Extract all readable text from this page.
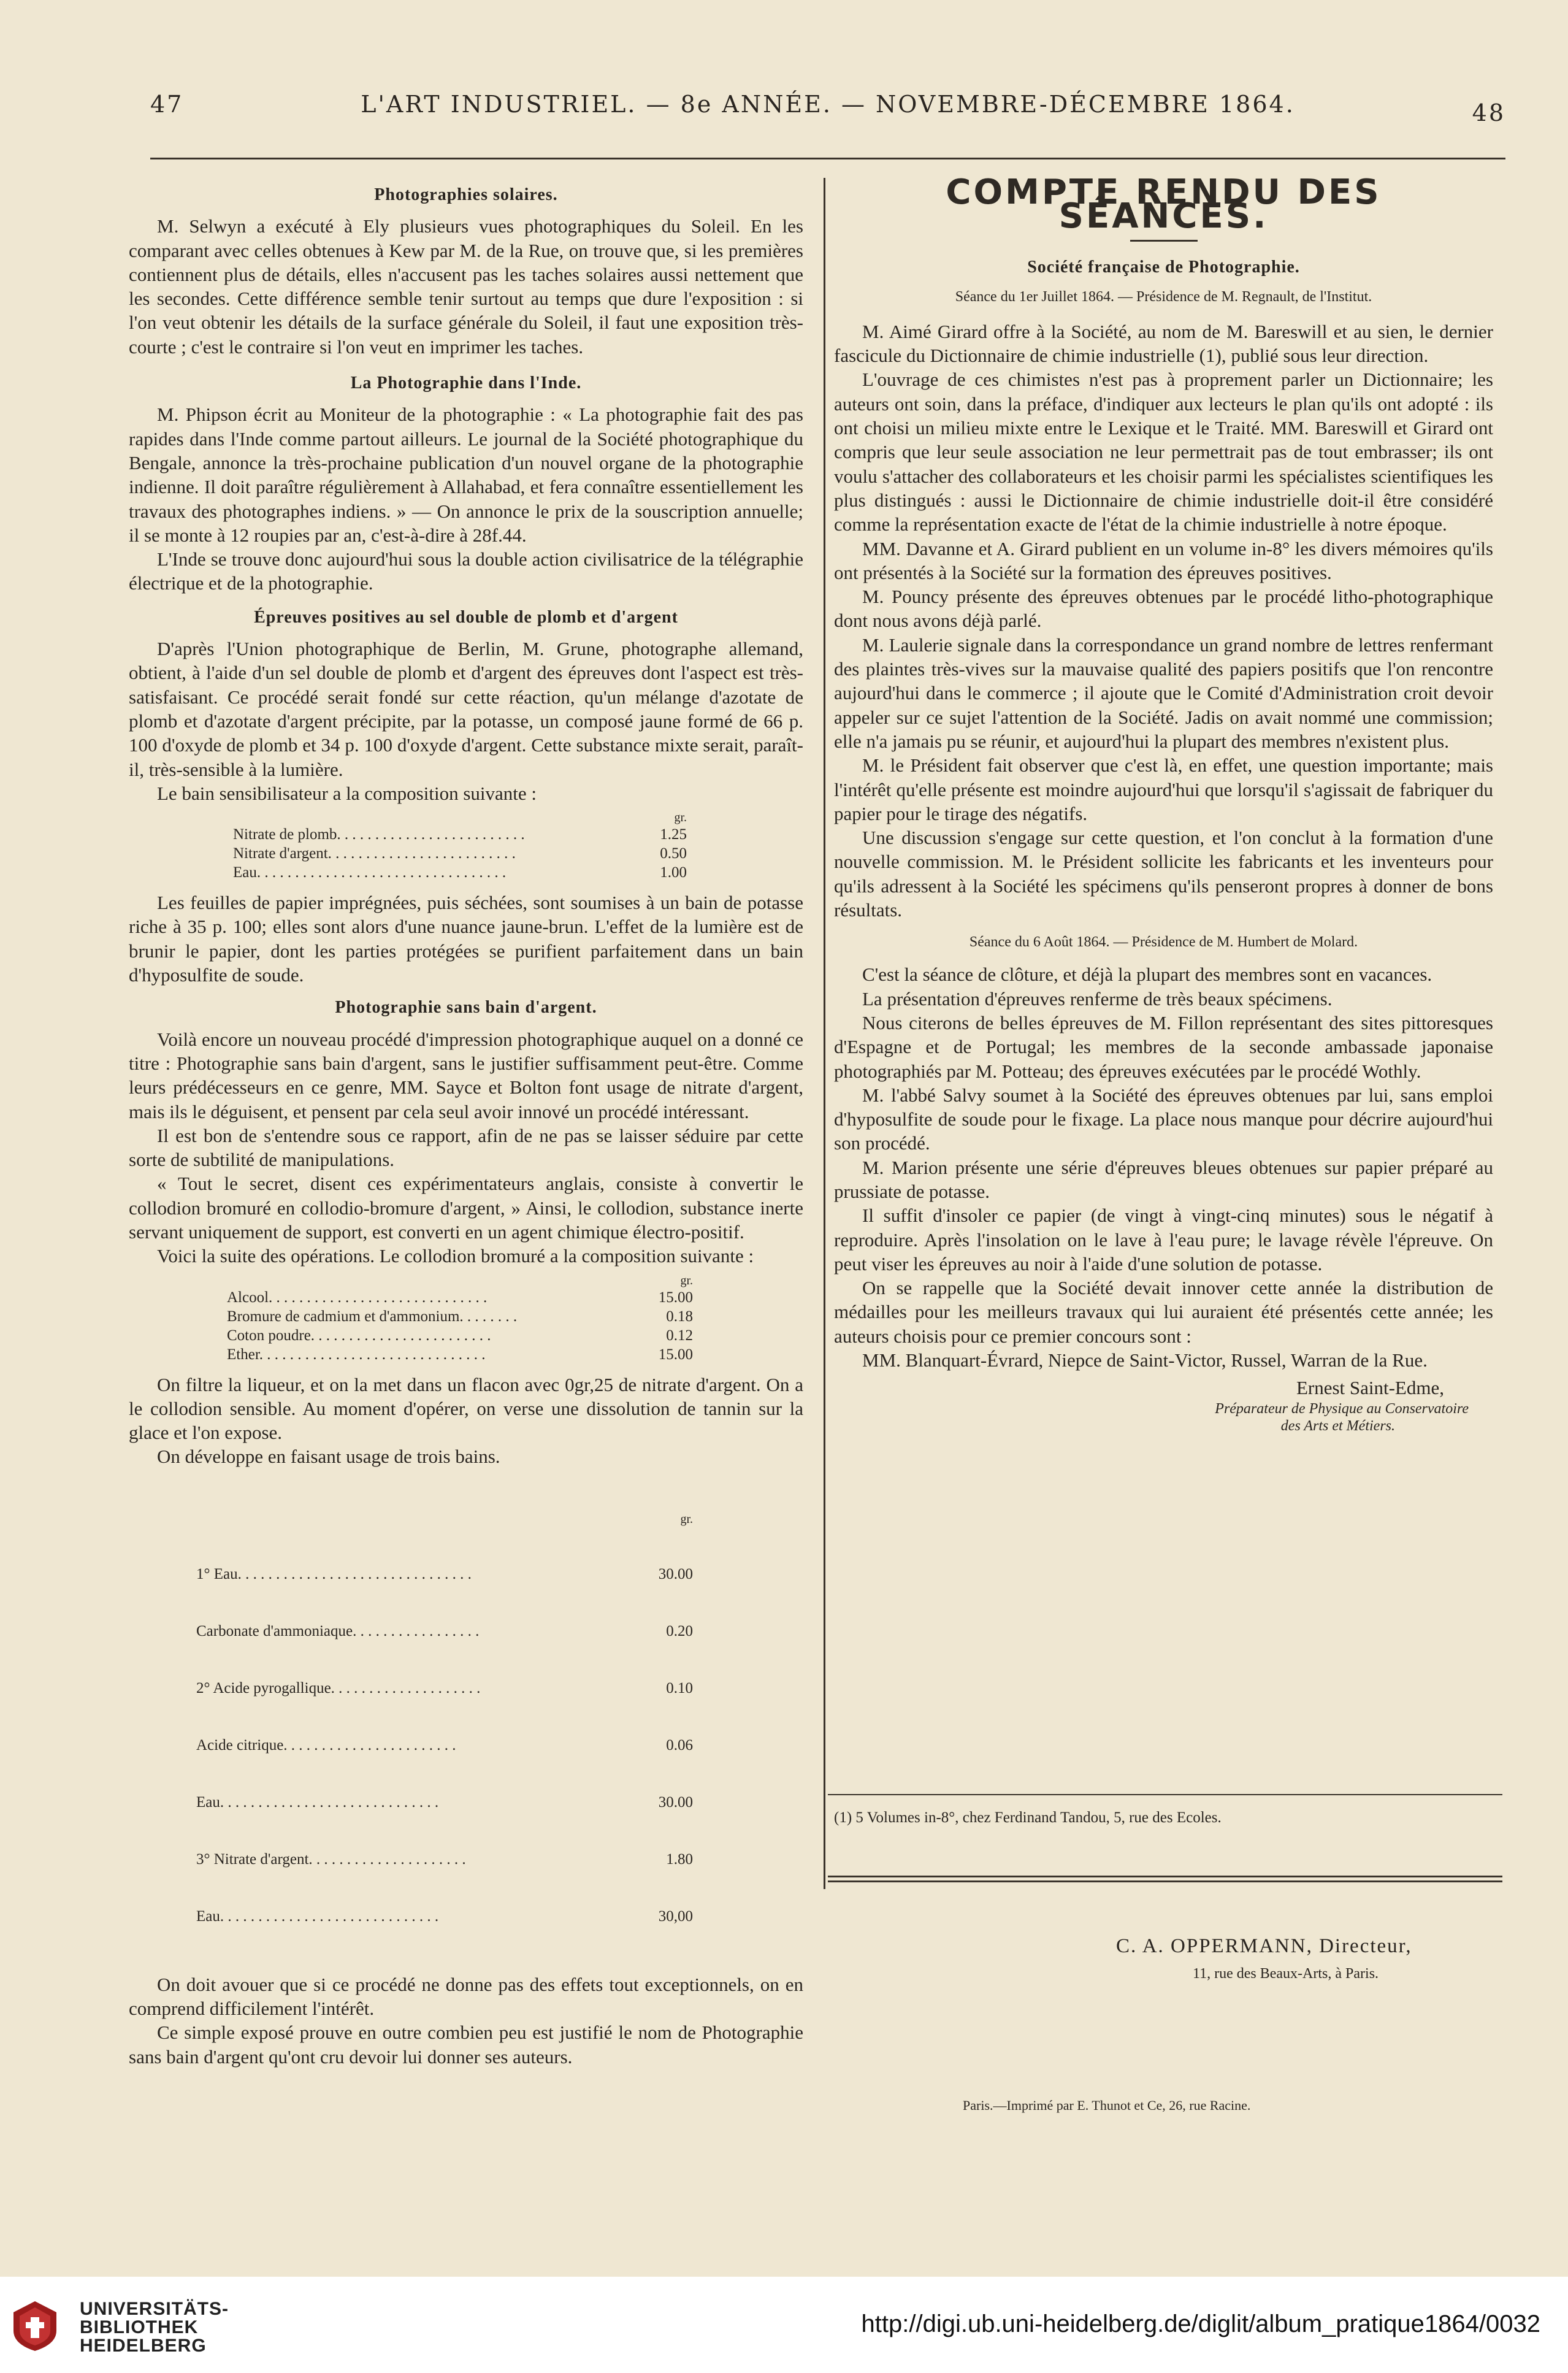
47	L'ART INDUSTRIEL. — 8e ANNÉE. — NOVEMBRE-DÉCEMBRE 1864.	48
Photographies solaires.

M. Selwyn a exécuté à Ely plusieurs vues photographiques du Soleil. En les comparant avec celles obtenues à Kew par M. de la Rue, on trouve que, si les premières contiennent plus de détails, elles n'accusent pas les taches solaires aussi nettement que les secondes. Cette différence semble tenir surtout au temps que dure l'exposition : si l'on veut obtenir les détails de la surface générale du Soleil, il faut une exposition très-courte ; c'est le contraire si l'on veut en imprimer les taches.

La Photographie dans l'Inde.

M. Phipson écrit au Moniteur de la photographie : « La photographie fait des pas rapides dans l'Inde comme partout ailleurs. Le journal de la Société photographique du Bengale, annonce la très-prochaine publication d'un nouvel organe de la photographie indienne. Il doit paraître régulièrement à Allahabad, et fera connaître essentiellement les travaux des photographes indiens. » — On annonce le prix de la souscription annuelle; il se monte à 12 roupies par an, c'est-à-dire à 28f.44.

L'Inde se trouve donc aujourd'hui sous la double action civilisatrice de la télégraphie électrique et de la photographie.

Épreuves positives au sel double de plomb et d'argent

D'après l'Union photographique de Berlin, M. Grune, photographe allemand, obtient, à l'aide d'un sel double de plomb et d'argent des épreuves dont l'aspect est très-satisfaisant. Ce procédé serait fondé sur cette réaction, qu'un mélange d'azotate de plomb et d'azotate d'argent précipite, par la potasse, un composé jaune formé de 66 p. 100 d'oxyde de plomb et 34 p. 100 d'oxyde d'argent. Cette substance mixte serait, paraît-il, très-sensible à la lumière.

Le bain sensibilisateur a la composition suivante :

gr.
Nitrate de plomb. . . . . . . . . . . . . . . . . . . . . . . . .	1.25
Nitrate d'argent. . . . . . . . . . . . . . . . . . . . . . . . .	0.50
Eau. . . . . . . . . . . . . . . . . . . . . . . . . . . . . . . . .	1.00

Les feuilles de papier imprégnées, puis séchées, sont soumises à un bain de potasse riche à 35 p. 100; elles sont alors d'une nuance jaune-brun. L'effet de la lumière est de brunir le papier, dont les parties protégées se purifient parfaitement dans un bain d'hyposulfite de soude.

Photographie sans bain d'argent.

Voilà encore un nouveau procédé d'impression photographique auquel on a donné ce titre : Photographie sans bain d'argent, sans le justifier suffisamment peut-être. Comme leurs prédécesseurs en ce genre, MM. Sayce et Bolton font usage de nitrate d'argent, mais ils le déguisent, et pensent par cela seul avoir innové un procédé intéressant.

Il est bon de s'entendre sous ce rapport, afin de ne pas se laisser séduire par cette sorte de subtilité de manipulations.

« Tout le secret, disent ces expérimentateurs anglais, consiste à convertir le collodion bromuré en collodio-bromure d'argent, » Ainsi, le collodion, substance inerte servant uniquement de support, est converti en un agent chimique électro-positif.

Voici la suite des opérations. Le collodion bromuré a la composition suivante :

gr.
Alcool. . . . . . . . . . . . . . . . . . . . . . . . . . . . .	15.00
Bromure de cadmium et d'ammonium. . . . . . . .	0.18
Coton poudre. . . . . . . . . . . . . . . . . . . . . . . .	0.12
Ether. . . . . . . . . . . . . . . . . . . . . . . . . . . . . .	15.00

On filtre la liqueur, et on la met dans un flacon avec 0gr,25 de nitrate d'argent. On a le collodion sensible. Au moment d'opérer, on verse une dissolution de tannin sur la glace et l'on expose.

On développe en faisant usage de trois bains.

gr.

1° Eau. . . . . . . . . . . . . . . . . . . . . . . . . . . . . . .	30.00

Carbonate d'ammoniaque. . . . . . . . . . . . . . . . .	0.20

2° Acide pyrogallique. . . . . . . . . . . . . . . . . . . .	0.10

Acide citrique. . . . . . . . . . . . . . . . . . . . . . .	0.06

Eau. . . . . . . . . . . . . . . . . . . . . . . . . . . . .	30.00

3° Nitrate d'argent. . . . . . . . . . . . . . . . . . . . .	1.80

Eau. . . . . . . . . . . . . . . . . . . . . . . . . . . . .	30,00

On doit avouer que si ce procédé ne donne pas des effets tout exceptionnels, on en comprend difficilement l'intérêt.

Ce simple exposé prouve en outre combien peu est justifié le nom de Photographie sans bain d'argent qu'ont cru devoir lui donner ses auteurs.

COMPTE RENDU DES SÉANCES.
Société française de Photographie.
Séance du 1er Juillet 1864. — Présidence de M. Regnault, de l'Institut.

M. Aimé Girard offre à la Société, au nom de M. Bareswill et au sien, le dernier fascicule du Dictionnaire de chimie industrielle (1), publié sous leur direction.

L'ouvrage de ces chimistes n'est pas à proprement parler un Dictionnaire; les auteurs ont soin, dans la préface, d'indiquer aux lecteurs le plan qu'ils ont adopté : ils ont choisi un milieu mixte entre le Lexique et le Traité. MM. Bareswill et Girard ont compris que leur seule association ne leur permettrait pas de tout embrasser; ils ont voulu s'attacher des collaborateurs et les choisir parmi les spécialistes scientifiques les plus distingués : aussi le Dictionnaire de chimie industrielle doit-il être considéré comme la représentation exacte de l'état de la chimie industrielle à notre époque.

MM. Davanne et A. Girard publient en un volume in-8° les divers mémoires qu'ils ont présentés à la Société sur la formation des épreuves positives.

M. Pouncy présente des épreuves obtenues par le procédé litho-photographique dont nous avons déjà parlé.

M. Laulerie signale dans la correspondance un grand nombre de lettres renfermant des plaintes très-vives sur la mauvaise qualité des papiers positifs que l'on rencontre aujourd'hui dans le commerce ; il ajoute que le Comité d'Administration croit devoir appeler sur ce sujet l'attention de la Société. Jadis on avait nommé une commission; elle n'a jamais pu se réunir, et aujourd'hui la plupart des membres n'existent plus.

M. le Président fait observer que c'est là, en effet, une question importante; mais l'intérêt qu'elle présente est moindre aujourd'hui que lorsqu'il s'agissait de fabriquer du papier pour le tirage des négatifs.

Une discussion s'engage sur cette question, et l'on conclut à la formation d'une nouvelle commission. M. le Président sollicite les fabricants et les inventeurs pour qu'ils adressent à la Société les spécimens qu'ils penseront propres à donner de bons résultats.

Séance du 6 Août 1864. — Présidence de M. Humbert de Molard.

C'est la séance de clôture, et déjà la plupart des membres sont en vacances.

La présentation d'épreuves renferme de très beaux spécimens.

Nous citerons de belles épreuves de M. Fillon représentant des sites pittoresques d'Espagne et de Portugal; les membres de la seconde ambassade japonaise photographiés par M. Potteau; des épreuves exécutées par le procédé Wothly.

M. l'abbé Salvy soumet à la Société des épreuves obtenues par lui, sans emploi d'hyposulfite de soude pour le fixage. La place nous manque pour décrire aujourd'hui son procédé.

M. Marion présente une série d'épreuves bleues obtenues sur papier préparé au prussiate de potasse.

Il suffit d'insoler ce papier (de vingt à vingt-cinq minutes) sous le négatif à reproduire. Après l'insolation on le lave à l'eau pure; le lavage révèle l'épreuve. On peut viser les épreuves au noir à l'aide d'une solution de potasse.

On se rappelle que la Société devait innover cette année la distribution de médailles pour les meilleurs travaux qui lui auraient été présentés cette année; les auteurs choisis pour ce premier concours sont :

MM. Blanquart-Évrard, Niepce de Saint-Victor, Russel, Warran de la Rue.

Ernest Saint-Edme,
Préparateur de Physique au Conservatoire
des Arts et Métiers.
(1) 5 Volumes in-8°, chez Ferdinand Tandou, 5, rue des Ecoles.
C. A. OPPERMANN, Directeur,
11, rue des Beaux-Arts, à Paris.
Paris.—Imprimé par E. Thunot et Ce, 26, rue Racine.
UNIVERSITÄTS-
BIBLIOTHEK
HEIDELBERG
http://digi.ub.uni-heidelberg.de/diglit/album_pratique1864/0032
